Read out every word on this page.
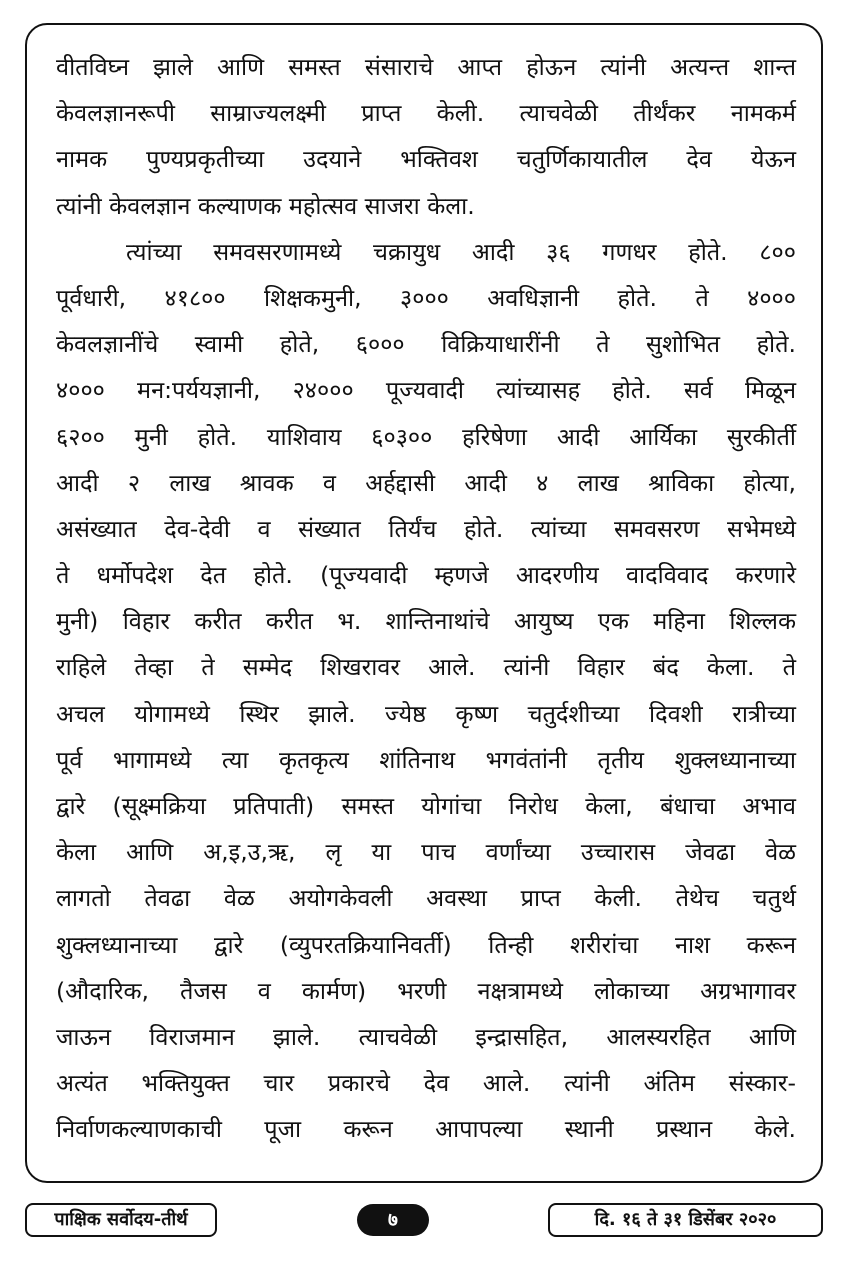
वीतविघ्न झाले आणि समस्त संसाराचे आप्त होऊन त्यांनी अत्यन्त शान्त
केवलज्ञानरूपी साम्राज्यलक्ष्मी प्राप्त केली. त्याचवेळी तीर्थंकर नामकर्म
नामक पुण्यप्रकृतीच्या उदयाने भक्तिवश चतुर्णिकायातील देव येऊन
त्यांनी केवलज्ञान कल्याणक महोत्सव साजरा केला.
त्यांच्या समवसरणामध्ये चक्रायुध आदी ३६ गणधर होते. ८००
पूर्वधारी, ४१८०० शिक्षकमुनी, ३००० अवधिज्ञानी होते. ते ४०००
केवलज्ञानींचे स्वामी होते, ६००० विक्रियाधारींनी ते सुशोभित होते.
४००० मन:पर्ययज्ञानी, २४००० पूज्यवादी त्यांच्यासह होते. सर्व मिळून
६२०० मुनी होते. याशिवाय ६०३०० हरिषेणा आदी आर्यिका सुरकीर्ती
आदी २ लाख श्रावक व अर्हद्दासी आदी ४ लाख श्राविका होत्या,
असंख्यात देव-देवी व संख्यात तिर्यंच होते. त्यांच्या समवसरण सभेमध्ये
ते धर्मोपदेश देत होते. (पूज्यवादी म्हणजे आदरणीय वादविवाद करणारे
मुनी) विहार करीत करीत भ. शान्तिनाथांचे आयुष्य एक महिना शिल्लक
राहिले तेव्हा ते सम्मेद शिखरावर आले. त्यांनी विहार बंद केला. ते
अचल योगामध्ये स्थिर झाले. ज्येष्ठ कृष्ण चतुर्दशीच्या दिवशी रात्रीच्या
पूर्व भागामध्ये त्या कृतकृत्य शांतिनाथ भगवंतांनी तृतीय शुक्लध्यानाच्या
द्वारे (सूक्ष्मक्रिया प्रतिपाती) समस्त योगांचा निरोध केला, बंधाचा अभाव
केला आणि अ,इ,उ,ऋ, लृ या पाच वर्णांच्या उच्चारास जेवढा वेळ
लागतो तेवढा वेळ अयोगकेवली अवस्था प्राप्त केली. तेथेच चतुर्थ
शुक्लध्यानाच्या द्वारे (व्युपरतक्रियानिवर्ती) तिन्ही शरीरांचा नाश करून
(औदारिक, तैजस व कार्मण) भरणी नक्षत्रामध्ये लोकाच्या अग्रभागावर
जाऊन विराजमान झाले. त्याचवेळी इन्द्रासहित, आलस्यरहित आणि
अत्यंत भक्तियुक्त चार प्रकारचे देव आले. त्यांनी अंतिम संस्कार-
निर्वाणकल्याणकाची पूजा करून आपापल्या स्थानी प्रस्थान केले.
पाक्षिक सर्वोदय-तीर्थ	७	दि. १६ ते ३१ डिसेंबर २०२०
